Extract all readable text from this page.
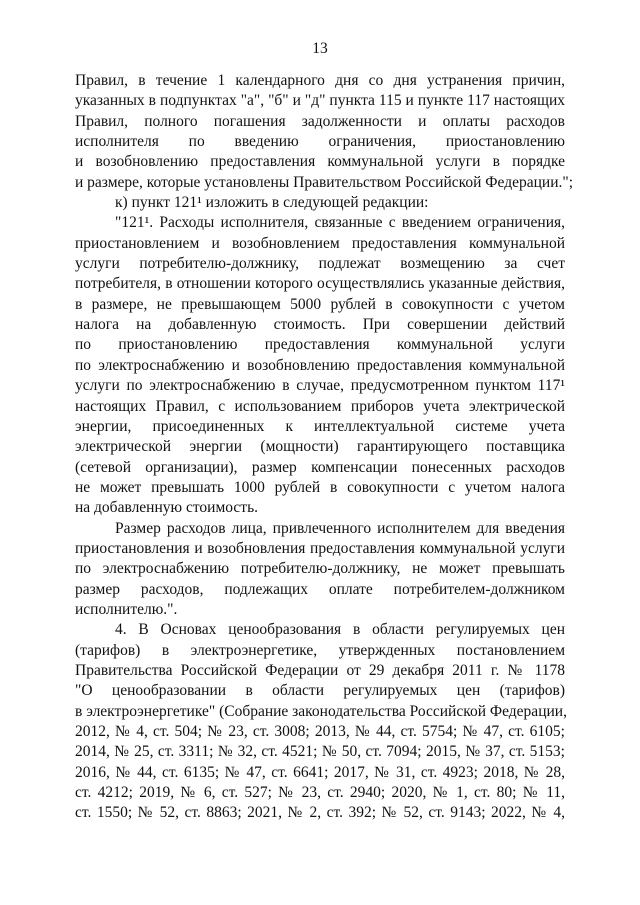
13
Правил, в течение 1 календарного дня со дня устранения причин,
указанных в подпунктах "а", "б" и "д" пункта 115 и пункте 117 настоящих
Правил, полного погашения задолженности и оплаты расходов
исполнителя по введению ограничения, приостановлению
и возобновлению предоставления коммунальной услуги в порядке
и размере, которые установлены Правительством Российской Федерации.";
к) пункт 121¹ изложить в следующей редакции:
"121¹. Расходы исполнителя, связанные с введением ограничения,
приостановлением и возобновлением предоставления коммунальной
услуги потребителю-должнику, подлежат возмещению за счет
потребителя, в отношении которого осуществлялись указанные действия,
в размере, не превышающем 5000 рублей в совокупности с учетом
налога на добавленную стоимость. При совершении действий
по приостановлению предоставления коммунальной услуги
по электроснабжению и возобновлению предоставления коммунальной
услуги по электроснабжению в случае, предусмотренном пунктом 117¹
настоящих Правил, с использованием приборов учета электрической
энергии, присоединенных к интеллектуальной системе учета
электрической энергии (мощности) гарантирующего поставщика
(сетевой организации), размер компенсации понесенных расходов
не может превышать 1000 рублей в совокупности с учетом налога
на добавленную стоимость.
Размер расходов лица, привлеченного исполнителем для введения
приостановления и возобновления предоставления коммунальной услуги
по электроснабжению потребителю-должнику, не может превышать
размер расходов, подлежащих оплате потребителем-должником
исполнителю.".
4. В Основах ценообразования в области регулируемых цен
(тарифов) в электроэнергетике, утвержденных постановлением
Правительства Российской Федерации от 29 декабря 2011 г. № 1178
"О ценообразовании в области регулируемых цен (тарифов)
в электроэнергетике" (Собрание законодательства Российской Федерации,
2012, № 4, ст. 504; № 23, ст. 3008; 2013, № 44, ст. 5754; № 47, ст. 6105;
2014, № 25, ст. 3311; № 32, ст. 4521; № 50, ст. 7094; 2015, № 37, ст. 5153;
2016, № 44, ст. 6135; № 47, ст. 6641; 2017, № 31, ст. 4923; 2018, № 28,
ст. 4212; 2019, № 6, ст. 527; № 23, ст. 2940; 2020, № 1, ст. 80; № 11,
ст. 1550; № 52, ст. 8863; 2021, № 2, ст. 392; № 52, ст. 9143; 2022, № 4,
